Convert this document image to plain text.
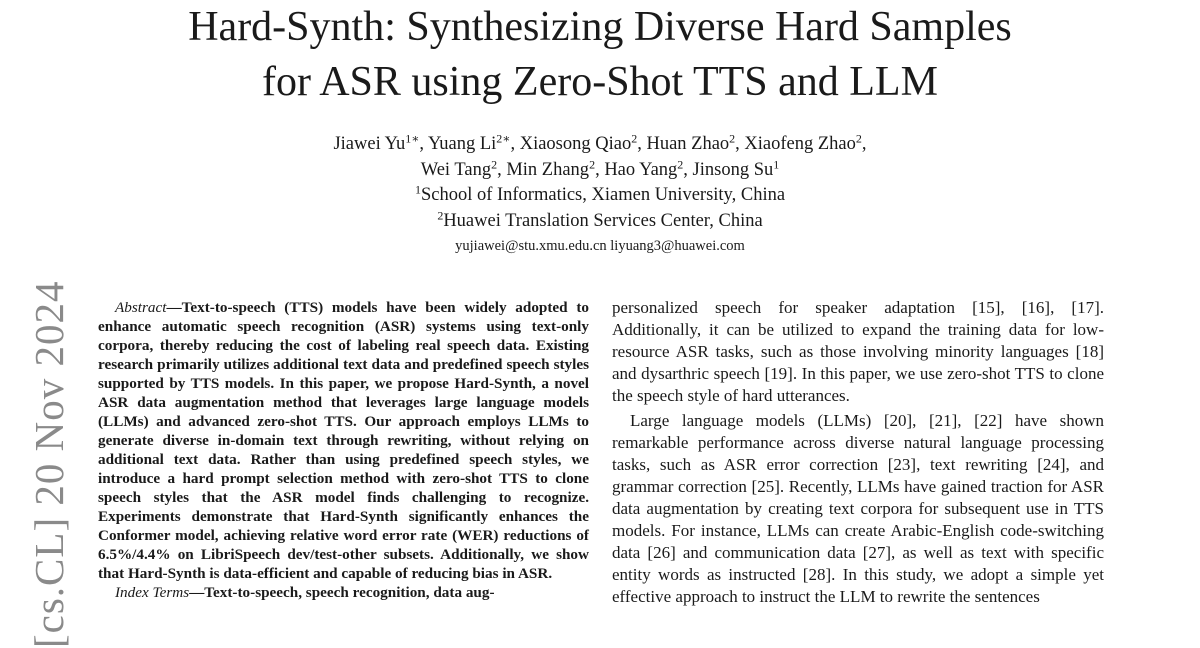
Hard-Synth: Synthesizing Diverse Hard Samples
for ASR using Zero-Shot TTS and LLM
Jiawei $Yu^{1∗}$, Yuang $Li^{2∗}$, Xiaosong Qiao$^2$, Huan Zhao$^2$, Xiaofeng Zhao$^2$,
Wei Tang$^2$, Min Zhang$^2$, Hao Yang$^2$, Jinsong Su$^1$
$^1$School of Informatics, Xiamen University, China
$^2$Huawei Translation Services Center, China
yujiawei@stu.xmu.edu.cn liyuang3@huawei.com
[cs.CL] 20 Nov 2024	Abstract—Text-to-speech (TTS) models have been widely adopted to enhance automatic speech recognition (ASR) systems using text-only corpora, thereby reducing the cost of labeling real speech data. Existing research primarily utilizes additional text data and predefined speech styles supported by TTS models. In this paper, we propose Hard-Synth, a novel ASR data augmentation method that leverages large language models (LLMs) and advanced zero-shot TTS. Our approach employs LLMs to generate diverse in-domain text through rewriting, without relying on additional text data. Rather than using predefined speech styles, we introduce a hard prompt selection method with zero-shot TTS to clone speech styles that the ASR model finds challenging to recognize. Experiments demonstrate that Hard-Synth significantly enhances the Conformer model, achieving relative word error rate (WER) reductions of 6.5%/4.4% on LibriSpeech dev/test-other subsets. Additionally, we show that Hard-Synth is data-efficient and capable of reducing bias in ASR.

Index Terms—Text-to-speech, speech recognition, data aug-

personalized speech for speaker adaptation [15], [16], [17]. Additionally, it can be utilized to expand the training data for low-resource ASR tasks, such as those involving minority languages [18] and dysarthric speech [19]. In this paper, we use zero-shot TTS to clone the speech style of hard utterances.

Large language models (LLMs) [20], [21], [22] have shown remarkable performance across diverse natural language processing tasks, such as ASR error correction [23], text rewriting [24], and grammar correction [25]. Recently, LLMs have gained traction for ASR data augmentation by creating text corpora for subsequent use in TTS models. For instance, LLMs can create Arabic-English code-switching data [26] and communication data [27], as well as text with specific entity words as instructed [28]. In this study, we adopt a simple yet effective approach to instruct the LLM to rewrite the sentences
